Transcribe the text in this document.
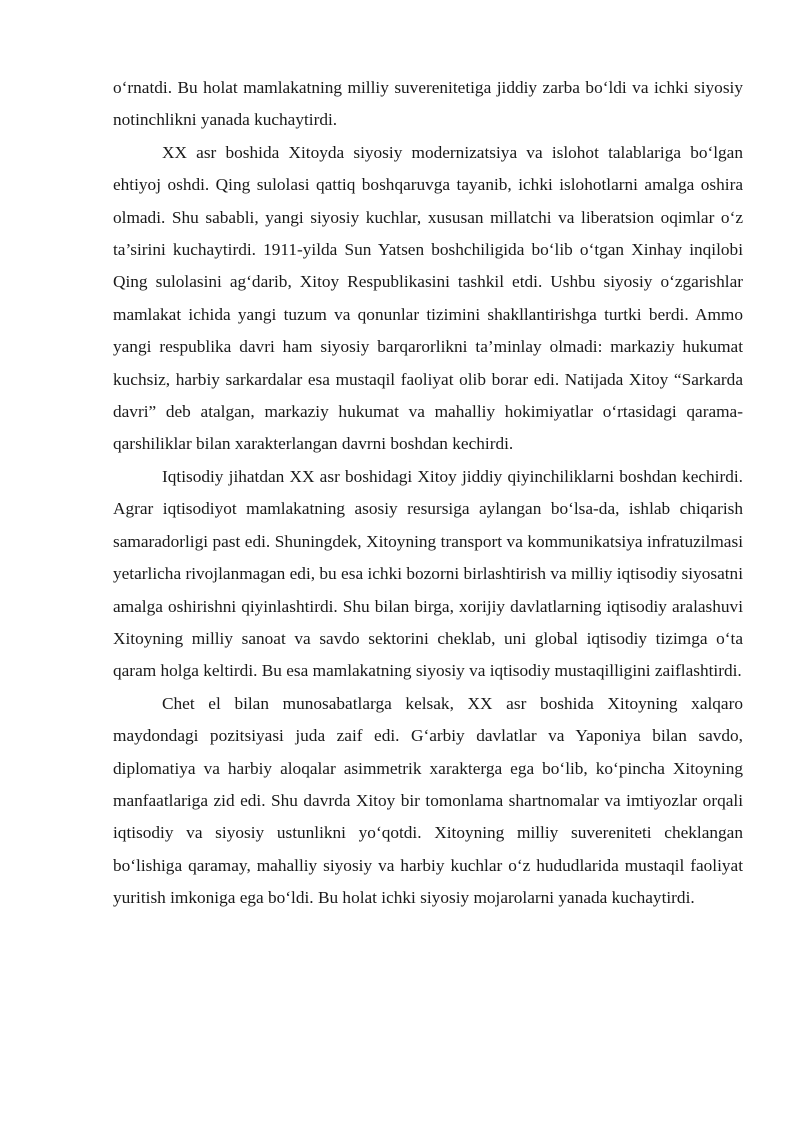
o‘rnatdi. Bu holat mamlakatning milliy suverenitetiga jiddiy zarba bo‘ldi va ichki siyosiy notinchlikni yanada kuchaytirdi.

XX asr boshida Xitoyda siyosiy modernizatsiya va islohot talablariga bo‘lgan ehtiyoj oshdi. Qing sulolasi qattiq boshqaruvga tayanib, ichki islohotlarni amalga oshira olmadi. Shu sababli, yangi siyosiy kuchlar, xususan millatchi va liberatsion oqimlar o‘z ta’sirini kuchaytirdi. 1911-yilda Sun Yatsen boshchiligida bo‘lib o‘tgan Xinhay inqilobi Qing sulolasini ag‘darib, Xitoy Respublikasini tashkil etdi. Ushbu siyosiy o‘zgarishlar mamlakat ichida yangi tuzum va qonunlar tizimini shakllantirishga turtki berdi. Ammo yangi respublika davri ham siyosiy barqarorlikni ta’minlay olmadi: markaziy hukumat kuchsiz, harbiy sarkardalar esa mustaqil faoliyat olib borar edi. Natijada Xitoy “Sarkarda davri” deb atalgan, markaziy hukumat va mahalliy hokimiyatlar o‘rtasidagi qarama-qarshiliklar bilan xarakterlangan davrni boshdan kechirdi.

Iqtisodiy jihatdan XX asr boshidagi Xitoy jiddiy qiyinchiliklarni boshdan kechirdi. Agrar iqtisodiyot mamlakatning asosiy resursiga aylangan bo‘lsa-da, ishlab chiqarish samaradorligi past edi. Shuningdek, Xitoyning transport va kommunikatsiya infratuzilmasi yetarlicha rivojlanmagan edi, bu esa ichki bozorni birlashtirish va milliy iqtisodiy siyosatni amalga oshirishni qiyinlashtirdi. Shu bilan birga, xorijiy davlatlarning iqtisodiy aralashuvi Xitoyning milliy sanoat va savdo sektorini cheklab, uni global iqtisodiy tizimga o‘ta qaram holga keltirdi. Bu esa mamlakatning siyosiy va iqtisodiy mustaqilligini zaiflashtirdi.

Chet el bilan munosabatlarga kelsak, XX asr boshida Xitoyning xalqaro maydondagi pozitsiyasi juda zaif edi. G‘arbiy davlatlar va Yaponiya bilan savdo, diplomatiya va harbiy aloqalar asimmetrik xarakterga ega bo‘lib, ko‘pincha Xitoyning manfaatlariga zid edi. Shu davrda Xitoy bir tomonlama shartnomalar va imtiyozlar orqali iqtisodiy va siyosiy ustunlikni yo‘qotdi. Xitoyning milliy suvereniteti cheklangan bo‘lishiga qaramay, mahalliy siyosiy va harbiy kuchlar o‘z hududlarida mustaqil faoliyat yuritish imkoniga ega bo‘ldi. Bu holat ichki siyosiy mojarolarni yanada kuchaytirdi.
